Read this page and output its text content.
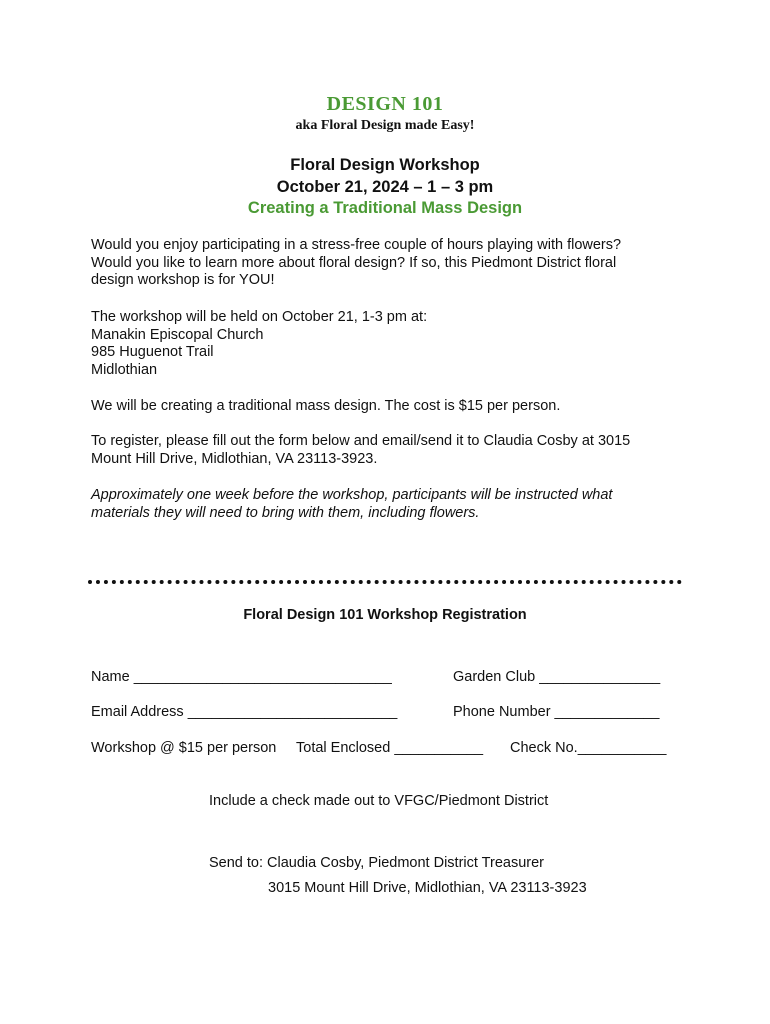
DESIGN 101
aka Floral Design made Easy!
Floral Design Workshop
October 21, 2024 – 1 – 3 pm
Creating a Traditional Mass Design

Would you enjoy participating in a stress-free couple of hours playing with flowers?

Would you like to learn more about floral design? If so, this Piedmont District floral

design workshop is for YOU!

The workshop will be held on October 21, 1-3 pm at:

Manakin Episcopal Church

985 Huguenot Trail

Midlothian

We will be creating a traditional mass design. The cost is $15 per person.

To register, please fill out the form below and email/send it to Claudia Cosby at 3015

Mount Hill Drive, Midlothian, VA 23113-3923.

Approximately one week before the workshop, participants will be instructed what

materials they will need to bring with them, including flowers.

Floral Design 101 Workshop Registration
Name ________________________________	Garden Club _______________
Email Address __________________________	Phone Number _____________
Workshop @ $15 per person Total Enclosed ___________ Check No.___________
Include a check made out to VFGC/Piedmont District
Send to: Claudia Cosby, Piedmont District Treasurer
3015 Mount Hill Drive, Midlothian, VA 23113-3923
